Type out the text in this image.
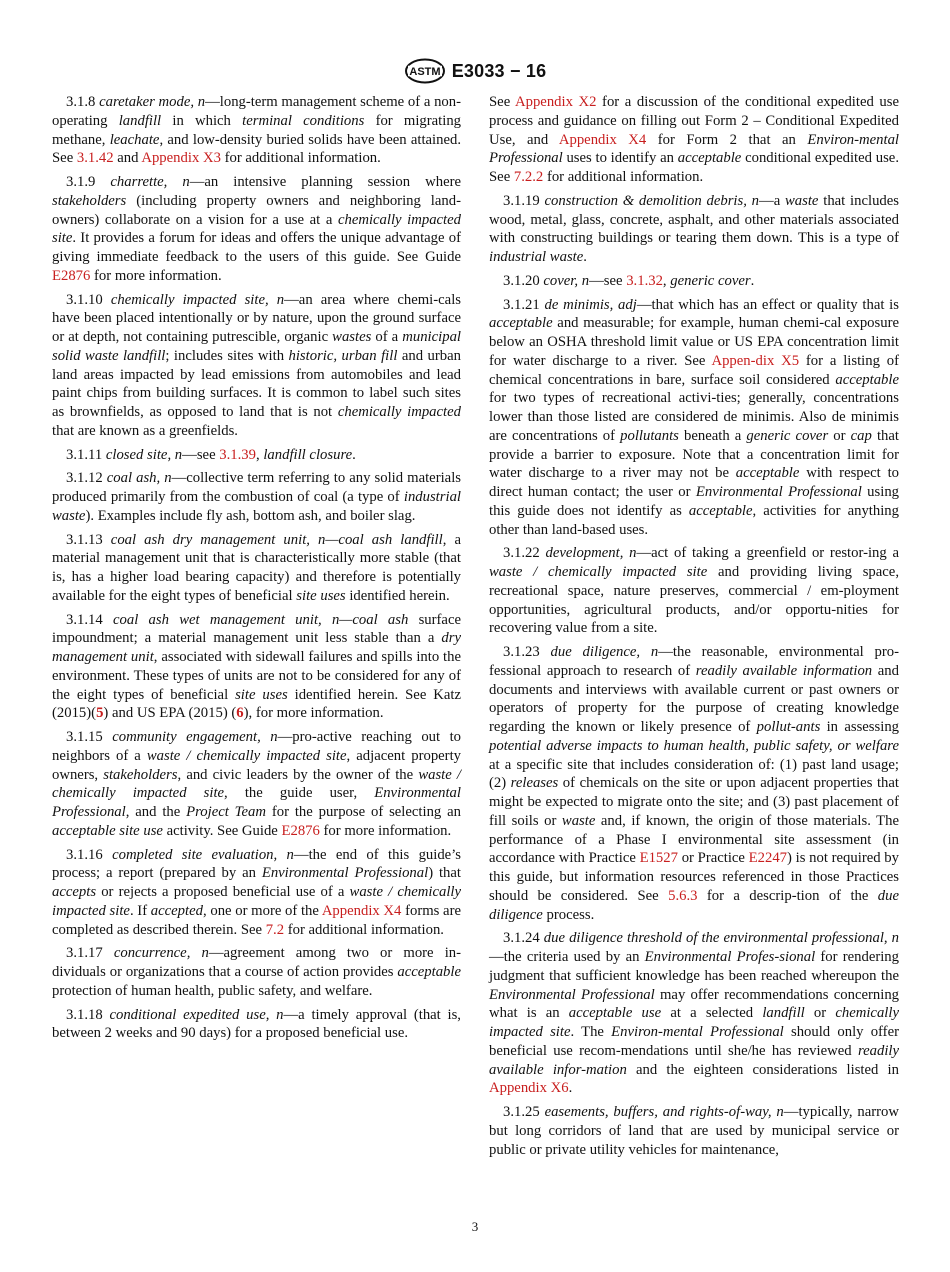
ASTM E3033 − 16

3.1.8 caretaker mode, n—long-term management scheme of a non-operating landfill in which terminal conditions for migrating methane, leachate, and low-density buried solids have been attained. See 3.1.42 and Appendix X3 for additional information.

3.1.9 charrette, n—an intensive planning session where stakeholders (including property owners and neighboring land-owners) collaborate on a vision for a use at a chemically impacted site. It provides a forum for ideas and offers the unique advantage of giving immediate feedback to the users of this guide. See Guide E2876 for more information.

3.1.10 chemically impacted site, n—an area where chemi-cals have been placed intentionally or by nature, upon the ground surface or at depth, not containing putrescible, organic wastes of a municipal solid waste landfill; includes sites with historic, urban fill and urban land areas impacted by lead emissions from automobiles and lead paint chips from building surfaces. It is common to label such sites as brownfields, as opposed to land that is not chemically impacted that are known as a greenfields.

3.1.11 closed site, n—see 3.1.39, landfill closure.

3.1.12 coal ash, n—collective term referring to any solid materials produced primarily from the combustion of coal (a type of industrial waste). Examples include fly ash, bottom ash, and boiler slag.

3.1.13 coal ash dry management unit, n—coal ash landfill, a material management unit that is characteristically more stable (that is, has a higher load bearing capacity) and therefore is potentially available for the eight types of beneficial site uses identified herein.

3.1.14 coal ash wet management unit, n—coal ash surface impoundment; a material management unit less stable than a dry management unit, associated with sidewall failures and spills into the environment. These types of units are not to be considered for any of the eight types of beneficial site uses identified herein. See Katz (2015)(5) and US EPA (2015) (6), for more information.

3.1.15 community engagement, n—pro-active reaching out to neighbors of a waste / chemically impacted site, adjacent property owners, stakeholders, and civic leaders by the owner of the waste / chemically impacted site, the guide user, Environmental Professional, and the Project Team for the purpose of selecting an acceptable site use activity. See Guide E2876 for more information.

3.1.16 completed site evaluation, n—the end of this guide’s process; a report (prepared by an Environmental Professional) that accepts or rejects a proposed beneficial use of a waste / chemically impacted site. If accepted, one or more of the Appendix X4 forms are completed as described therein. See 7.2 for additional information.

3.1.17 concurrence, n—agreement among two or more in-dividuals or organizations that a course of action provides acceptable protection of human health, public safety, and welfare.

3.1.18 conditional expedited use, n—a timely approval (that is, between 2 weeks and 90 days) for a proposed beneficial use.

See Appendix X2 for a discussion of the conditional expedited use process and guidance on filling out Form 2 – Conditional Expedited Use, and Appendix X4 for Form 2 that an Environ-mental Professional uses to identify an acceptable conditional expedited use. See 7.2.2 for additional information.

3.1.19 construction & demolition debris, n—a waste that includes wood, metal, glass, concrete, asphalt, and other materials associated with constructing buildings or tearing them down. This is a type of industrial waste.

3.1.20 cover, n—see 3.1.32, generic cover.

3.1.21 de minimis, adj—that which has an effect or quality that is acceptable and measurable; for example, human chemi-cal exposure below an OSHA threshold limit value or US EPA concentration limit for water discharge to a river. See Appen-dix X5 for a listing of chemical concentrations in bare, surface soil considered acceptable for two types of recreational activi-ties; generally, concentrations lower than those listed are considered de minimis. Also de minimis are concentrations of pollutants beneath a generic cover or cap that provide a barrier to exposure. Note that a concentration limit for water discharge to a river may not be acceptable with respect to direct human contact; the user or Environmental Professional using this guide does not identify as acceptable, activities for anything other than land-based uses.

3.1.22 development, n—act of taking a greenfield or restor-ing a waste / chemically impacted site and providing living space, recreational space, nature preserves, commercial / em-ployment opportunities, agricultural products, and/or opportu-nities for recovering value from a site.

3.1.23 due diligence, n—the reasonable, environmental pro-fessional approach to research of readily available information and documents and interviews with available current or past owners or operators of property for the purpose of creating knowledge regarding the known or likely presence of pollut-ants in assessing potential adverse impacts to human health, public safety, or welfare at a specific site that includes consideration of: (1) past land usage; (2) releases of chemicals on the site or upon adjacent properties that might be expected to migrate onto the site; and (3) past placement of fill soils or waste and, if known, the origin of those materials. The performance of a Phase I environmental site assessment (in accordance with Practice E1527 or Practice E2247) is not required by this guide, but information resources referenced in those Practices should be considered. See 5.6.3 for a descrip-tion of the due diligence process.

3.1.24 due diligence threshold of the environmental professional, n—the criteria used by an Environmental Profes-sional for rendering judgment that sufficient knowledge has been reached whereupon the Environmental Professional may offer recommendations concerning what is an acceptable use at a selected landfill or chemically impacted site. The Environ-mental Professional should only offer beneficial use recom-mendations until she/he has reviewed readily available infor-mation and the eighteen considerations listed in Appendix X6.

3.1.25 easements, buffers, and rights-of-way, n—typically, narrow but long corridors of land that are used by municipal service or public or private utility vehicles for maintenance,

3
